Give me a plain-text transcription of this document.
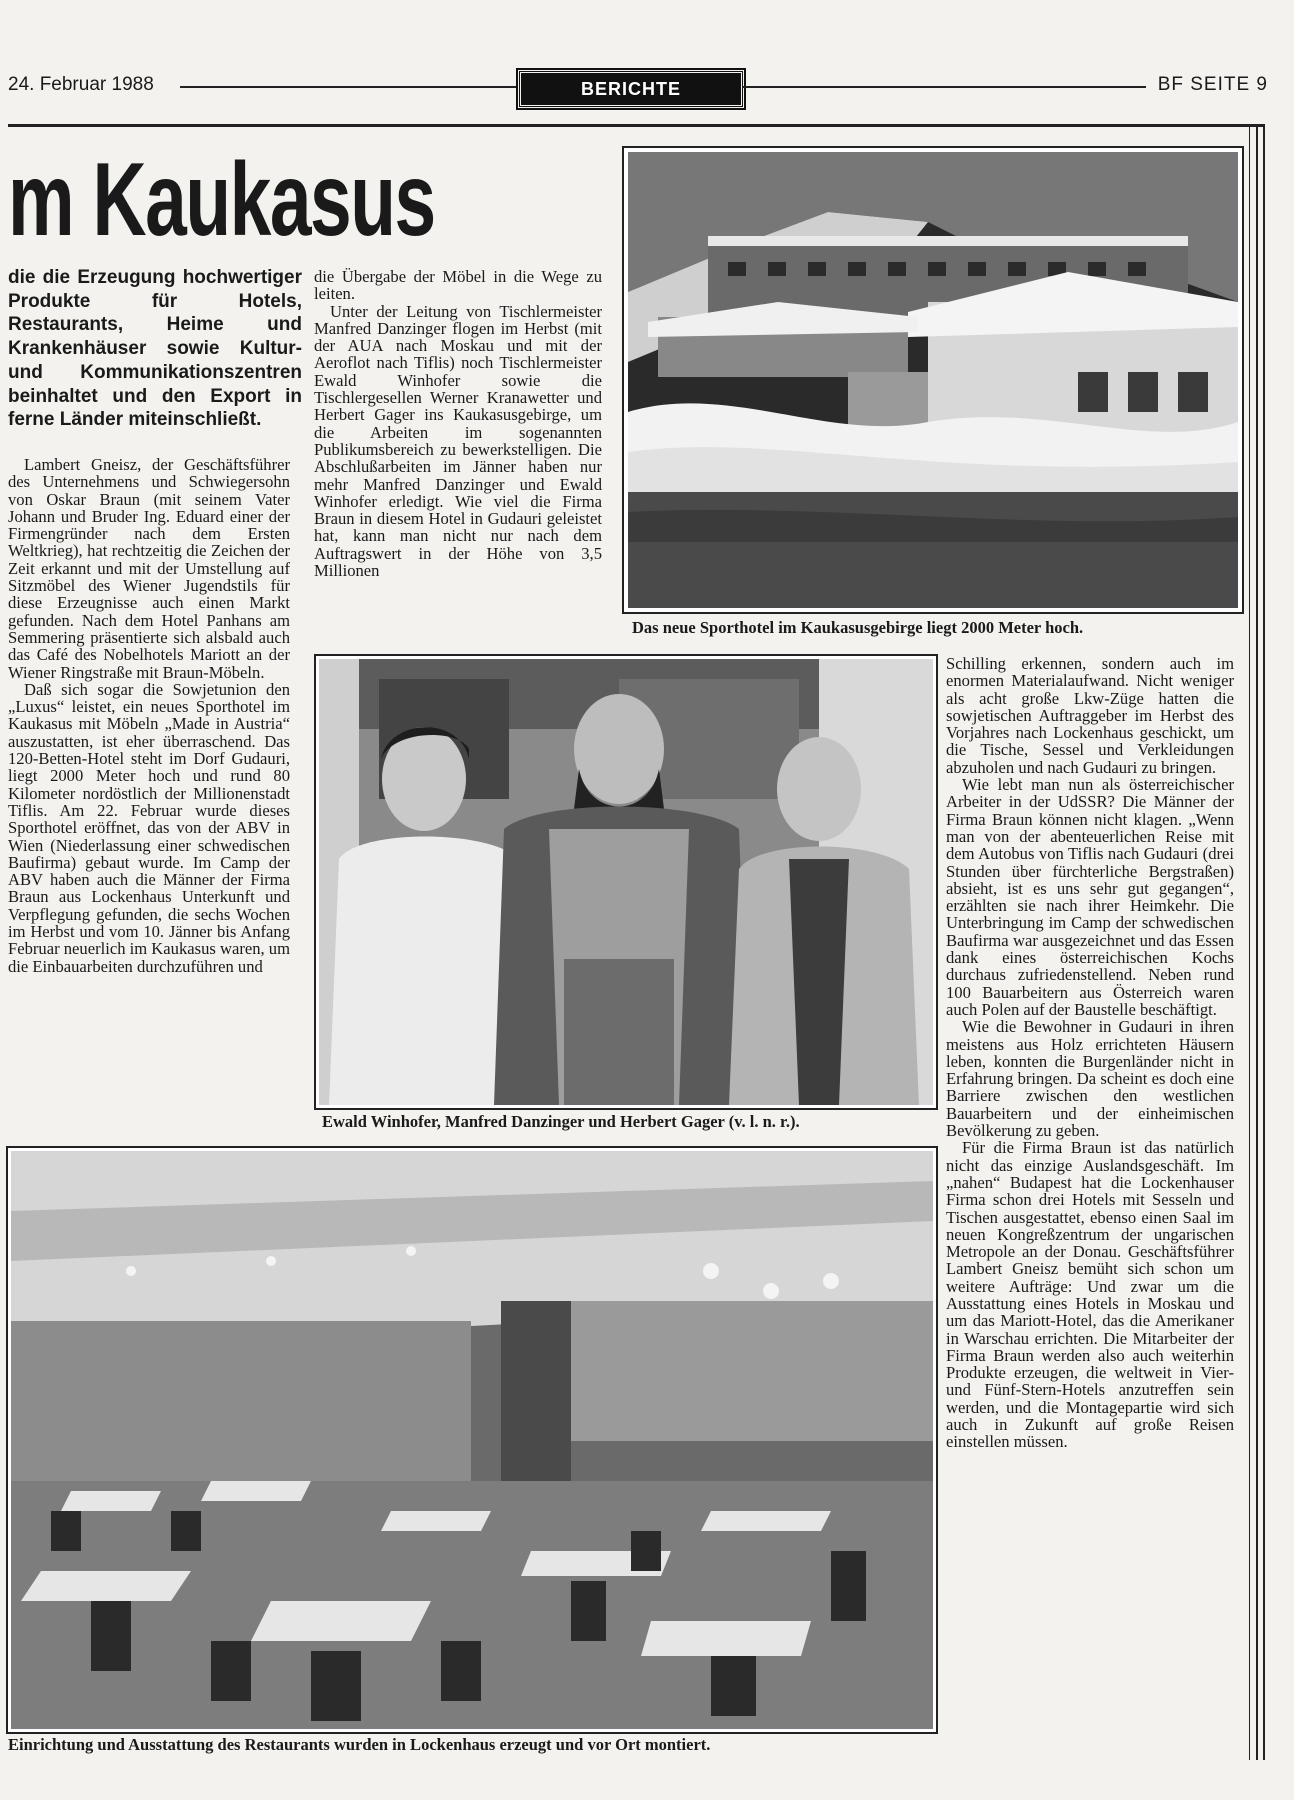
24. Februar 1988	BERICHTE	BF SEITE 9
m Kaukasus
die die Erzeugung hochwertiger Produkte für Hotels, Restaurants, Heime und Krankenhäuser sowie Kultur- und Kommunikationszentren beinhaltet und den Export in ferne Länder miteinschließt.

Lambert Gneisz, der Geschäftsführer des Unternehmens und Schwiegersohn von Oskar Braun (mit seinem Vater Johann und Bruder Ing. Eduard einer der Firmengründer nach dem Ersten Weltkrieg), hat rechtzeitig die Zeichen der Zeit erkannt und mit der Umstellung auf Sitzmöbel des Wiener Jugendstils für diese Erzeugnisse auch einen Markt gefunden. Nach dem Hotel Panhans am Semmering präsentierte sich alsbald auch das Café des Nobelhotels Mariott an der Wiener Ringstraße mit Braun-Möbeln.

Daß sich sogar die Sowjetunion den „Luxus“ leistet, ein neues Sporthotel im Kaukasus mit Möbeln „Made in Austria“ auszustatten, ist eher überraschend. Das 120-Betten-Hotel steht im Dorf Gudauri, liegt 2000 Meter hoch und rund 80 Kilometer nordöstlich der Millionenstadt Tiflis. Am 22. Februar wurde dieses Sporthotel eröffnet, das von der ABV in Wien (Niederlassung einer schwedischen Baufirma) gebaut wurde. Im Camp der ABV haben auch die Männer der Firma Braun aus Lockenhaus Unterkunft und Verpflegung gefunden, die sechs Wochen im Herbst und vom 10. Jänner bis Anfang Februar neuerlich im Kaukasus waren, um die Einbauarbeiten durchzuführen und

die Übergabe der Möbel in die Wege zu leiten.

Unter der Leitung von Tischlermeister Manfred Danzinger flogen im Herbst (mit der AUA nach Moskau und mit der Aeroflot nach Tiflis) noch Tischlermeister Ewald Winhofer sowie die Tischlergesellen Werner Kranawetter und Herbert Gager ins Kaukasusgebirge, um die Arbeiten im sogenannten Publikumsbereich zu bewerkstelligen. Die Abschlußarbeiten im Jänner haben nur mehr Manfred Danzinger und Ewald Winhofer erledigt. Wie viel die Firma Braun in diesem Hotel in Gudauri geleistet hat, kann man nicht nur nach dem Auftragswert in der Höhe von 3,5 Millionen

Das neue Sporthotel im Kaukasusgebirge liegt 2000 Meter hoch.
Ewald Winhofer, Manfred Danzinger und Herbert Gager (v. l. n. r.).

Schilling erkennen, sondern auch im enormen Materialaufwand. Nicht weniger als acht große Lkw-Züge hatten die sowjetischen Auftraggeber im Herbst des Vorjahres nach Lockenhaus geschickt, um die Tische, Sessel und Verkleidungen abzuholen und nach Gudauri zu bringen.

Wie lebt man nun als österreichischer Arbeiter in der UdSSR? Die Männer der Firma Braun können nicht klagen. „Wenn man von der abenteuerlichen Reise mit dem Autobus von Tiflis nach Gudauri (drei Stunden über fürchterliche Bergstraßen) absieht, ist es uns sehr gut gegangen“, erzählten sie nach ihrer Heimkehr. Die Unterbringung im Camp der schwedischen Baufirma war ausgezeichnet und das Essen dank eines österreichischen Kochs durchaus zufriedenstellend. Neben rund 100 Bauarbeitern aus Österreich waren auch Polen auf der Baustelle beschäftigt.

Wie die Bewohner in Gudauri in ihren meistens aus Holz errichteten Häusern leben, konnten die Burgenländer nicht in Erfahrung bringen. Da scheint es doch eine Barriere zwischen den westlichen Bauarbeitern und der einheimischen Bevölkerung zu geben.

Für die Firma Braun ist das natürlich nicht das einzige Auslandsgeschäft. Im „nahen“ Budapest hat die Lockenhauser Firma schon drei Hotels mit Sesseln und Tischen ausgestattet, ebenso einen Saal im neuen Kongreßzentrum der ungarischen Metropole an der Donau. Geschäftsführer Lambert Gneisz bemüht sich schon um weitere Aufträge: Und zwar um die Ausstattung eines Hotels in Moskau und um das Mariott-Hotel, das die Amerikaner in Warschau errichten. Die Mitarbeiter der Firma Braun werden also auch weiterhin Produkte erzeugen, die weltweit in Vier- und Fünf-Stern-Hotels anzutreffen sein werden, und die Montagepartie wird sich auch in Zukunft auf große Reisen einstellen müssen.

Einrichtung und Ausstattung des Restaurants wurden in Lockenhaus erzeugt und vor Ort montiert.
